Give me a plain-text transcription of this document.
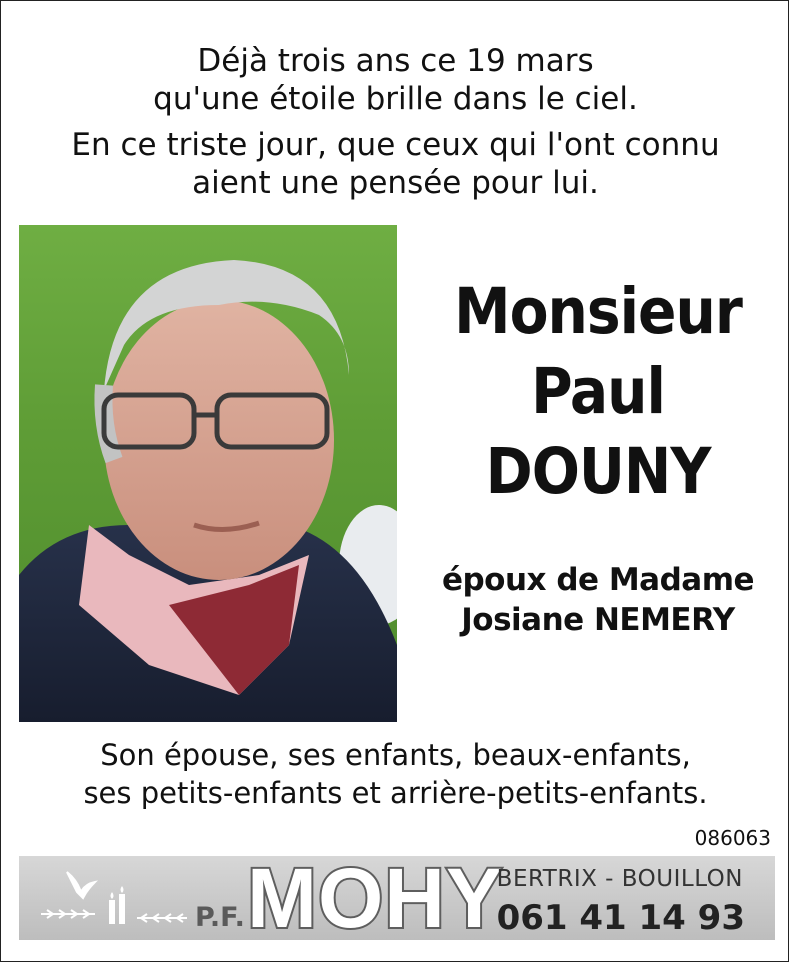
Déjà trois ans ce 19 mars

qu'une étoile brille dans le ciel.

En ce triste jour, que ceux qui l'ont connu

aient une pensée pour lui.

Monsieur
Paul
DOUNY
époux de Madame
Josiane NEMERY
Son épouse, ses enfants, beaux-enfants,
ses petits-enfants et arrière-petits-enfants.
086063
P.F. MOHY
BERTRIX - BOUILLON
061 41 14 93
